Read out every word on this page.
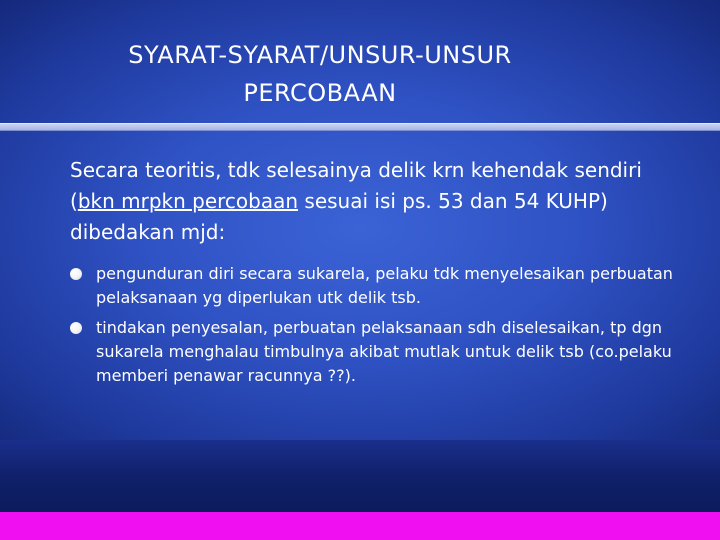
SYARAT-SYARAT/UNSUR-UNSUR
PERCOBAAN

Secara teoritis, tdk selesainya delik krn kehendak sendiri (bkn mrpkn percobaan sesuai isi ps. 53 dan 54 KUHP) dibedakan mjd:

pengunduran diri secara sukarela, pelaku tdk menyelesaikan perbuatan pelaksanaan yg diperlukan utk delik tsb.
tindakan penyesalan, perbuatan pelaksanaan sdh diselesaikan, tp dgn sukarela menghalau timbulnya akibat mutlak untuk delik tsb (co.pelaku memberi penawar racunnya ??).
